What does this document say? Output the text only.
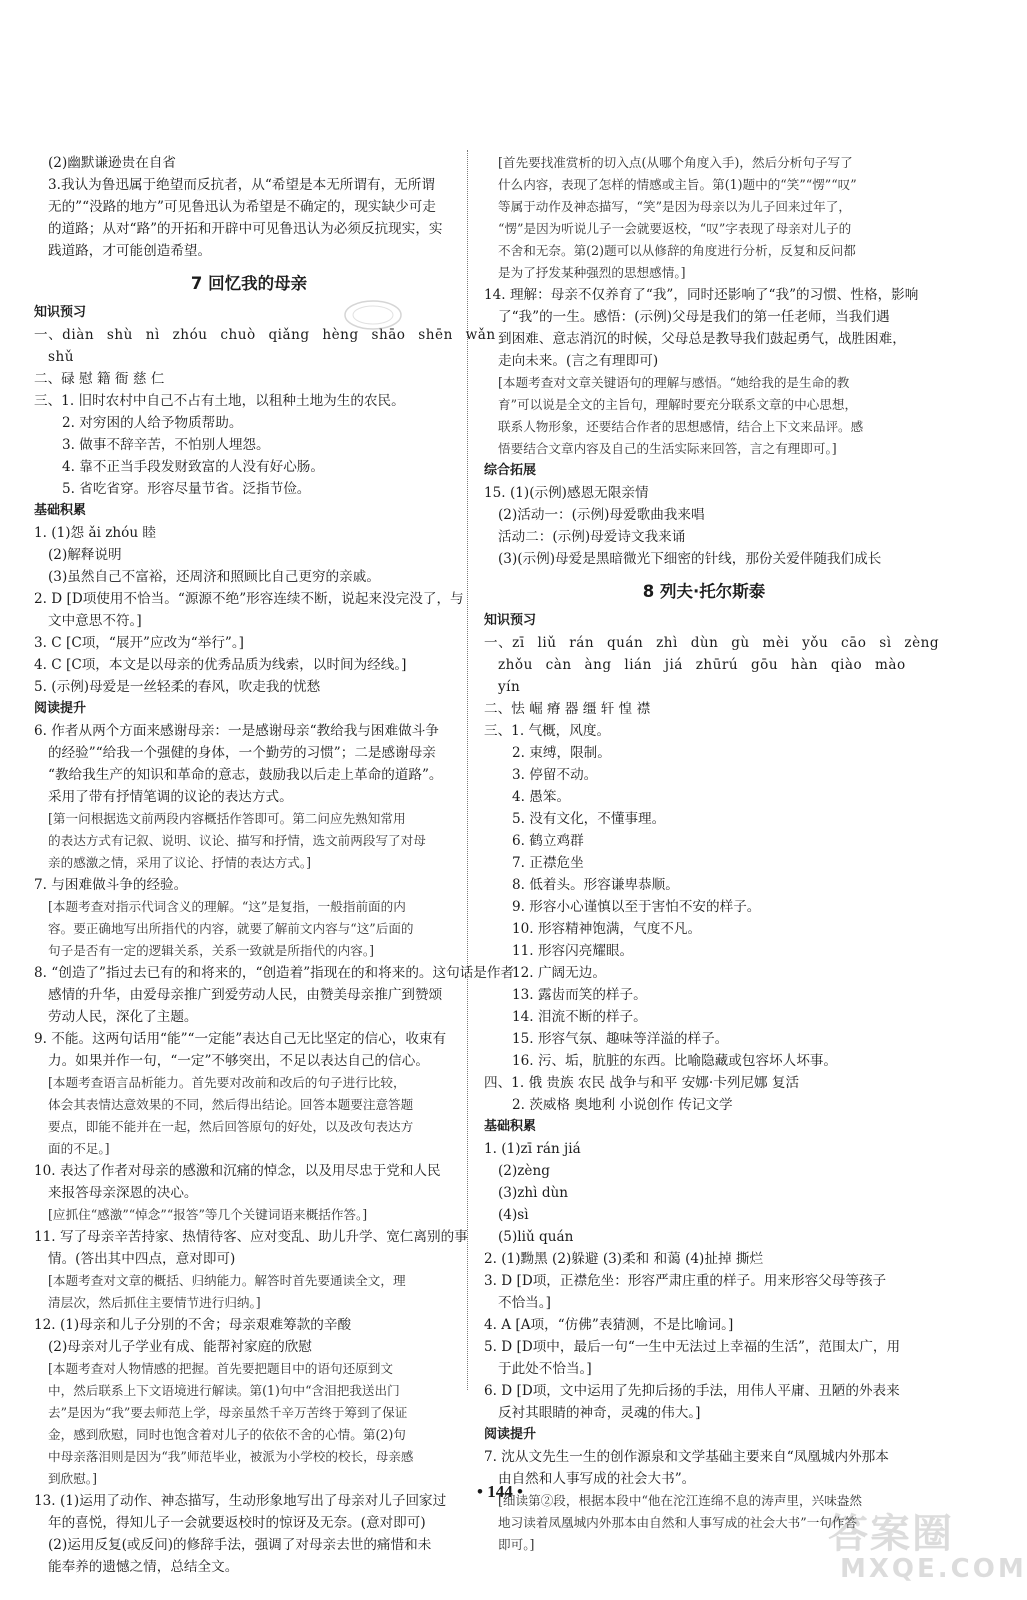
(2)幽默谦逊贵在自省
3.我认为鲁迅属于绝望而反抗者，从“希望是本无所谓有，无所谓
无的”“没路的地方”可见鲁迅认为希望是不确定的，现实缺少可走
的道路；从对“路”的开拓和开辟中可见鲁迅认为必须反抗现实，实
践道路，才可能创造希望。
7 回忆我的母亲
知识预习
一、diàn shù nì zhóu chuò qiǎng hèng shāo shēn wǎn
shǔ
二、碌 慰 籍 衙 慈 仁
三、1. 旧时农村中自己不占有土地，以租种土地为生的农民。
2. 对穷困的人给予物质帮助。
3. 做事不辞辛苦，不怕别人埋怨。
4. 靠不正当手段发财致富的人没有好心肠。
5. 省吃省穿。形容尽量节省。泛指节俭。
基础积累
1. (1)怨 ǎi zhóu 睦
(2)解释说明
(3)虽然自己不富裕，还周济和照顾比自己更穷的亲戚。
2. D [D项使用不恰当。“源源不绝”形容连续不断，说起来没完没了，与
文中意思不符。]
3. C [C项，“展开”应改为“举行”。]
4. C [C项，本文是以母亲的优秀品质为线索，以时间为经线。]
5. (示例)母爱是一丝轻柔的春风，吹走我的忧愁
阅读提升
6. 作者从两个方面来感谢母亲：一是感谢母亲“教给我与困难做斗争
的经验”“给我一个强健的身体，一个勤劳的习惯”；二是感谢母亲
“教给我生产的知识和革命的意志，鼓励我以后走上革命的道路”。
采用了带有抒情笔调的议论的表达方式。
[第一问根据选文前两段内容概括作答即可。第二问应先熟知常用
的表达方式有记叙、说明、议论、描写和抒情，选文前两段写了对母
亲的感激之情，采用了议论、抒情的表达方式。]
7. 与困难做斗争的经验。
[本题考查对指示代词含义的理解。“这”是复指，一般指前面的内
容。要正确地写出所指代的内容，就要了解前文内容与“这”后面的
句子是否有一定的逻辑关系，关系一致就是所指代的内容。]
8. “创造了”指过去已有的和将来的，“创造着”指现在的和将来的。这句话是作者
感情的升华，由爱母亲推广到爱劳动人民，由赞美母亲推广到赞颂
劳动人民，深化了主题。
9. 不能。这两句话用“能”“一定能”表达自己无比坚定的信心，收束有
力。如果并作一句，“一定”不够突出，不足以表达自己的信心。
[本题考查语言品析能力。首先要对改前和改后的句子进行比较，
体会其表情达意效果的不同，然后得出结论。回答本题要注意答题
要点，即能不能并在一起，然后回答原句的好处，以及改句表达方
面的不足。]
10. 表达了作者对母亲的感激和沉痛的悼念，以及用尽忠于党和人民
来报答母亲深恩的决心。
[应抓住“感激”“悼念”“报答”等几个关键词语来概括作答。]
11. 写了母亲辛苦持家、热情待客、应对变乱、助儿升学、宽仁离别的事
情。(答出其中四点，意对即可)
[本题考查对文章的概括、归纳能力。解答时首先要通读全文，理
清层次，然后抓住主要情节进行归纳。]
12. (1)母亲和儿子分别的不舍；母亲艰难筹款的辛酸
(2)母亲对儿子学业有成、能帮衬家庭的欣慰
[本题考查对人物情感的把握。首先要把题目中的语句还原到文
中，然后联系上下文语境进行解读。第(1)句中“含泪把我送出门
去”是因为“我”要去师范上学，母亲虽然千辛万苦终于筹到了保证
金，感到欣慰，同时也饱含着对儿子的依依不舍的心情。第(2)句
中母亲落泪则是因为“我”师范毕业，被派为小学校的校长，母亲感
到欣慰。]
13. (1)运用了动作、神态描写，生动形象地写出了母亲对儿子回家过
年的喜悦，得知儿子一会就要返校时的惊讶及无奈。(意对即可)
(2)运用反复(或反问)的修辞手法，强调了对母亲去世的痛惜和未
能奉养的遗憾之情，总结全文。
[首先要找准赏析的切入点(从哪个角度入手)，然后分析句子写了
什么内容，表现了怎样的情感或主旨。第(1)题中的“笑”“愣”“叹”
等属于动作及神态描写，“笑”是因为母亲以为儿子回来过年了，
“愣”是因为听说儿子一会就要返校，“叹”字表现了母亲对儿子的
不舍和无奈。第(2)题可以从修辞的角度进行分析，反复和反问都
是为了抒发某种强烈的思想感情。]
14. 理解：母亲不仅养育了“我”，同时还影响了“我”的习惯、性格，影响
了“我”的一生。感悟：(示例)父母是我们的第一任老师，当我们遇
到困难、意志消沉的时候，父母总是教导我们鼓起勇气，战胜困难，
走向未来。(言之有理即可)
[本题考查对文章关键语句的理解与感悟。“她给我的是生命的教
育”可以说是全文的主旨句，理解时要充分联系文章的中心思想，
联系人物形象，还要结合作者的思想感情，结合上下文来品评。感
悟要结合文章内容及自己的生活实际来回答，言之有理即可。]
综合拓展
15. (1)(示例)感恩无限亲情
(2)活动一：(示例)母爱歌曲我来唱
活动二：(示例)母爱诗文我来诵
(3)(示例)母爱是黑暗微光下细密的针线，那份关爱伴随我们成长
8 列夫·托尔斯泰
知识预习
一、zī liǔ rán quán zhì dùn gù mèi yǒu cāo sì zèng
zhǒu càn àng lián jiá zhūrú gōu hàn qiào mào
yín
二、怯 崛 瘠 器 缰 轩 惶 襟
三、1. 气概，风度。
2. 束缚，限制。
3. 停留不动。
4. 愚笨。
5. 没有文化，不懂事理。
6. 鹤立鸡群
7. 正襟危坐
8. 低着头。形容谦卑恭顺。
9. 形容小心谨慎以至于害怕不安的样子。
10. 形容精神饱满，气度不凡。
11. 形容闪亮耀眼。
12. 广阔无边。
13. 露齿而笑的样子。
14. 泪流不断的样子。
15. 形容气氛、趣味等洋溢的样子。
16. 污、垢，肮脏的东西。比喻隐藏或包容坏人坏事。
四、1. 俄 贵族 农民 战争与和平 安娜·卡列尼娜 复活
2. 茨威格 奥地利 小说创作 传记文学
基础积累
1. (1)zī rán jiá
(2)zèng
(3)zhì dùn
(4)sì
(5)liǔ quán
2. (1)黝黑 (2)躲避 (3)柔和 和蔼 (4)扯掉 撕烂
3. D [D项，正襟危坐：形容严肃庄重的样子。用来形容父母等孩子
不恰当。]
4. A [A项，“仿佛”表猜测，不是比喻词。]
5. D [D项中，最后一句“一生中无法过上幸福的生活”，范围太广，用
于此处不恰当。]
6. D [D项，文中运用了先抑后扬的手法，用伟人平庸、丑陋的外表来
反衬其眼睛的神奇，灵魂的伟大。]
阅读提升
7. 沈从文先生一生的创作源泉和文学基础主要来自“凤凰城内外那本
由自然和人事写成的社会大书”。
[细读第②段，根据本段中“他在沱江连绵不息的涛声里，兴味盎然
地习读着凤凰城内外那本由自然和人事写成的社会大书”一句作答
即可。]
• 144 •
答案圈
MXQE.COM
